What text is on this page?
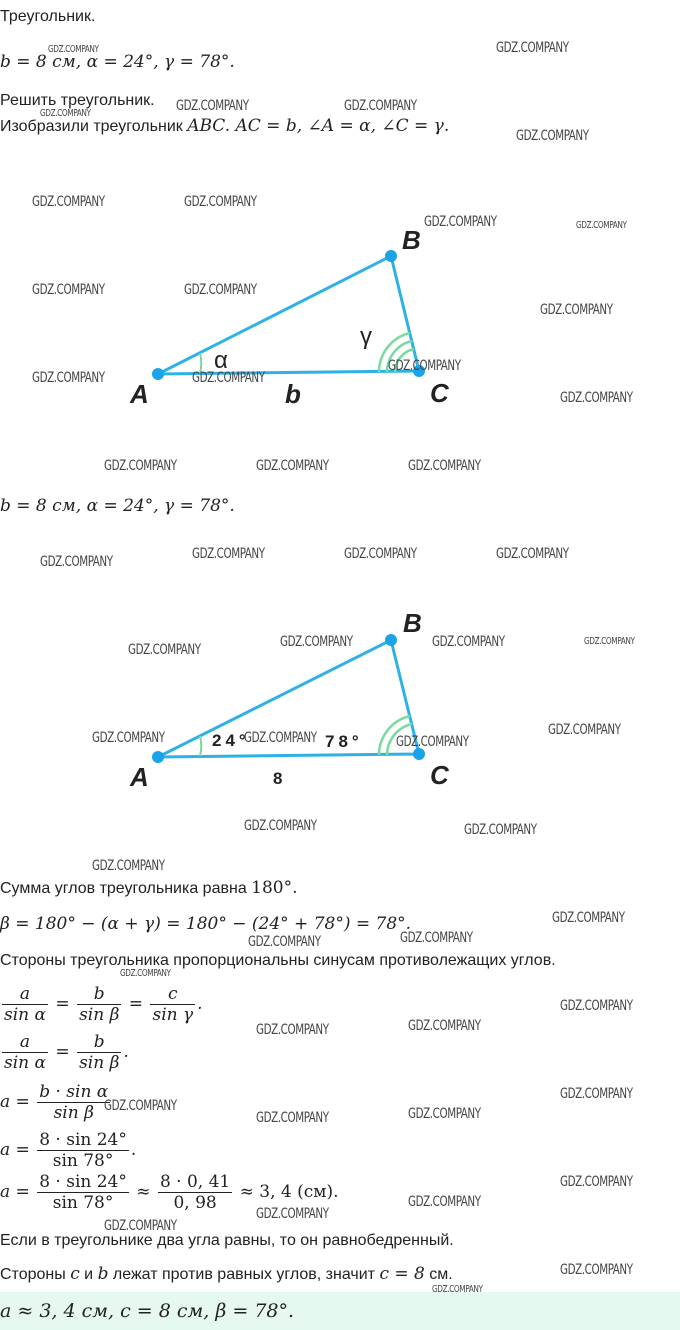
Треугольник.
b = 8 см, α = 24°, γ = 78°.
Решить треугольник.
Изобразили треугольник ABC. AC = b, ∠A = α, ∠C = γ.
A
B
C
b
α
γ
b = 8 см, α = 24°, γ = 78°.
A
B
C
8
24°	78°
Сумма углов треугольника равна 180°.
β = 180° − (α + γ) = 180° − (24° + 78°) = 78°.
Стороны треугольника пропорциональны синусам противолежащих углов.
$\frac{a}{\text{sin α}} = \frac{b}{\text{sin β}} = \frac{c}{\text{sin γ}}$ .
$\frac{a}{\text{sin α}} = \frac{b}{\text{sin β}}$ .
$a = \frac{\text{b · sin α}}{\text{sin β}}$
$a = \frac{8 \cdot \sin 24^\circ}{\sin 78^\circ}$ .
$a = \frac{8 \cdot \sin 24^\circ}{\sin 78^\circ} \approx \frac{8 \cdot 0, 41}{0, 98} \approx 3$, 4 (см).
Если в треугольнике два угла равны, то он равнобедренный.
Стороны c и b лежат против равных углов, значит c = 8 см.
a ≈ 3, 4 см, c = 8 см, β = 78°.
GDZ.COMPANY	GDZ.COMPANY
GDZ.COMPANY	GDZ.COMPANY	GDZ.COMPANY
GDZ.COMPANY
GDZ.COMPANY	GDZ.COMPANY
GDZ.COMPANY	GDZ.COMPANY
GDZ.COMPANY	GDZ.COMPANY
GDZ.COMPANY
GDZ.COMPANY
GDZ.COMPANY	GDZ.COMPANY
GDZ.COMPANY
GDZ.COMPANY	GDZ.COMPANY	GDZ.COMPANY
GDZ.COMPANY	GDZ.COMPANY	GDZ.COMPANY
GDZ.COMPANY
GDZ.COMPANY	GDZ.COMPANY	GDZ.COMPANY
GDZ.COMPANY
GDZ.COMPANY
GDZ.COMPANY	GDZ.COMPANY	GDZ.COMPANY
GDZ.COMPANY	GDZ.COMPANY
GDZ.COMPANY
GDZ.COMPANY
GDZ.COMPANY
GDZ.COMPANY
GDZ.COMPANY
GDZ.COMPANY
GDZ.COMPANY
GDZ.COMPANY
GDZ.COMPANY
GDZ.COMPANY	GDZ.COMPANY
GDZ.COMPANY
GDZ.COMPANY
GDZ.COMPANY
GDZ.COMPANY
GDZ.COMPANY
GDZ.COMPANY
GDZ.COMPANY
